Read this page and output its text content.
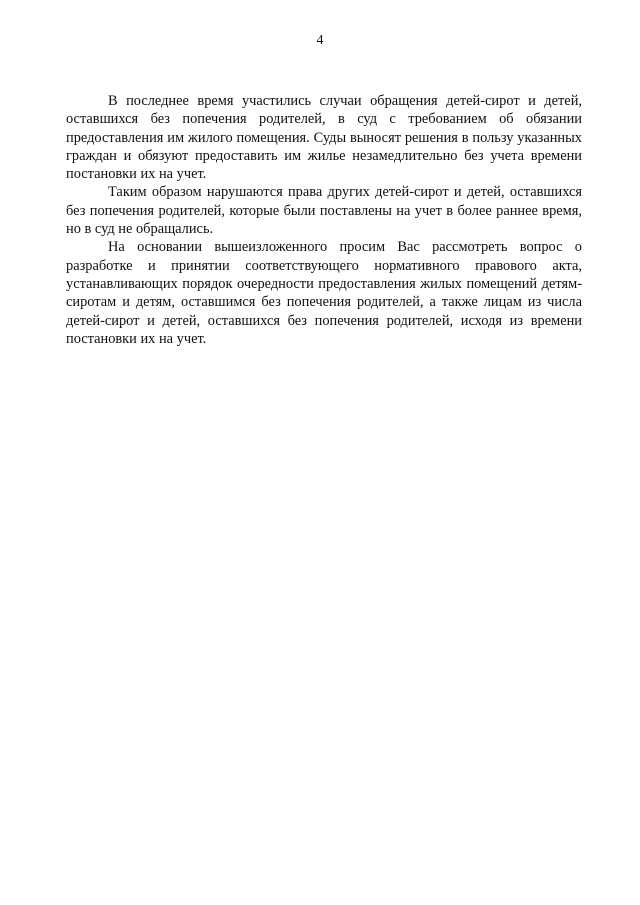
4

В последнее время участились случаи обращения детей-сирот и детей, оставшихся без попечения родителей, в суд с требованием об обязании предоставления им жилого помещения. Суды выносят решения в пользу указанных граждан и обязуют предоставить им жилье незамедлительно без учета времени постановки их на учет.

Таким образом нарушаются права других детей-сирот и детей, оставшихся без попечения родителей, которые были поставлены на учет в более раннее время, но в суд не обращались.

На основании вышеизложенного просим Вас рассмотреть вопрос о разработке и принятии соответствующего нормативного правового акта, устанавливающих порядок очередности предоставления жилых помещений детям-сиротам и детям, оставшимся без попечения родителей, а также лицам из числа детей-сирот и детей, оставшихся без попечения родителей, исходя из времени постановки их на учет.
